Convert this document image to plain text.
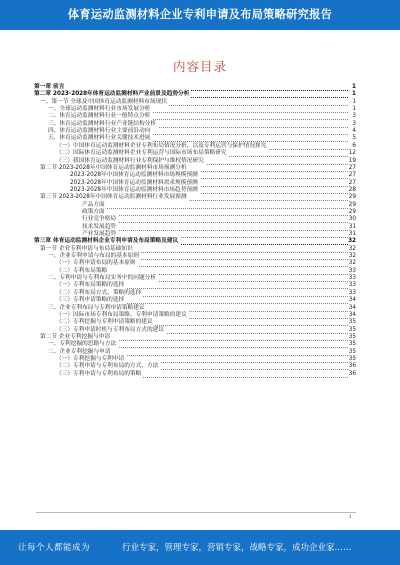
体育运动监测材料企业专利申请及布局策略研究报告
内容目录
第一章 前言	1
第二章 2023-2028年体育运动监测材料产业前景及趋势分析	1
一、第一节 全球及中国体育运动监测材料市场现状	1
一、全球运动监测材料行业市场发展分析	1
二、体育运动监测材料行业一般特点分析	3
三、体育运动监测材料行业产业链结构分析	3
四、体育运动监测材料行业主要前沿动向	4
五、体育运动监测材料行业关键技术进展	5
（一）中国体育运动监测材料企业专利布局情况分析，以及专利运营与保护情况探究	6
（二）国际体育运动监测材料企业专利运营与国际市场布局策略研究	12
（三）我国体育运动监测材料行业专利保护与维权情况研究	19
第二节 2023-2028年中国体育运动监测材料市场预测分析	27
2023-2028年中国体育运动监测材料市场规模预测	27
2023-2028年中国体育运动监测材料需求规模预测	27
2023-2028年中国体育运动监测材料市场趋势预测	28
第三节 2023-2028年中国体育运动监测材料行业发展预测	29
产品方面	29
政策方面	29
行业竞争格局	30
技术发展趋势	31
产业发展趋势	31
第三章 体育运动监测材料企业专利申请及布局策略及建议	32
第一节 企业专利申请与布局基础知识	32
一、企业专利申请与布局的基本原则	32
（一）专利申请布局的基本原则	32
（二）专利布局策略	33
二、专利申请与专利布局实务中的问题分析	33
（一）专利布局策略的选择	33
（二）专利布局方式、策略的选择	33
（三）专利申请策略的选择	34
三、企业专利布局与专利申请策略建议	34
（一）国际市场专利布局策略、专利申请策略的建议	34
（二）专利挖掘与专利申请策略的建议	35
（三）专利申请时机与专利布局方式的建议	35
第二节 企业专利挖掘与申请	35
一、专利挖掘的思路与方法	35
二、企业专利挖掘与申请	35
（一）专利挖掘与专利申请	35
（二）专利申请与专利布局的方式、方法	36
（三）专利申请与专利布局的策略	36
1
让每个人都能成为	行业专家，管理专家，营销专家，战略专家，成功企业家……
